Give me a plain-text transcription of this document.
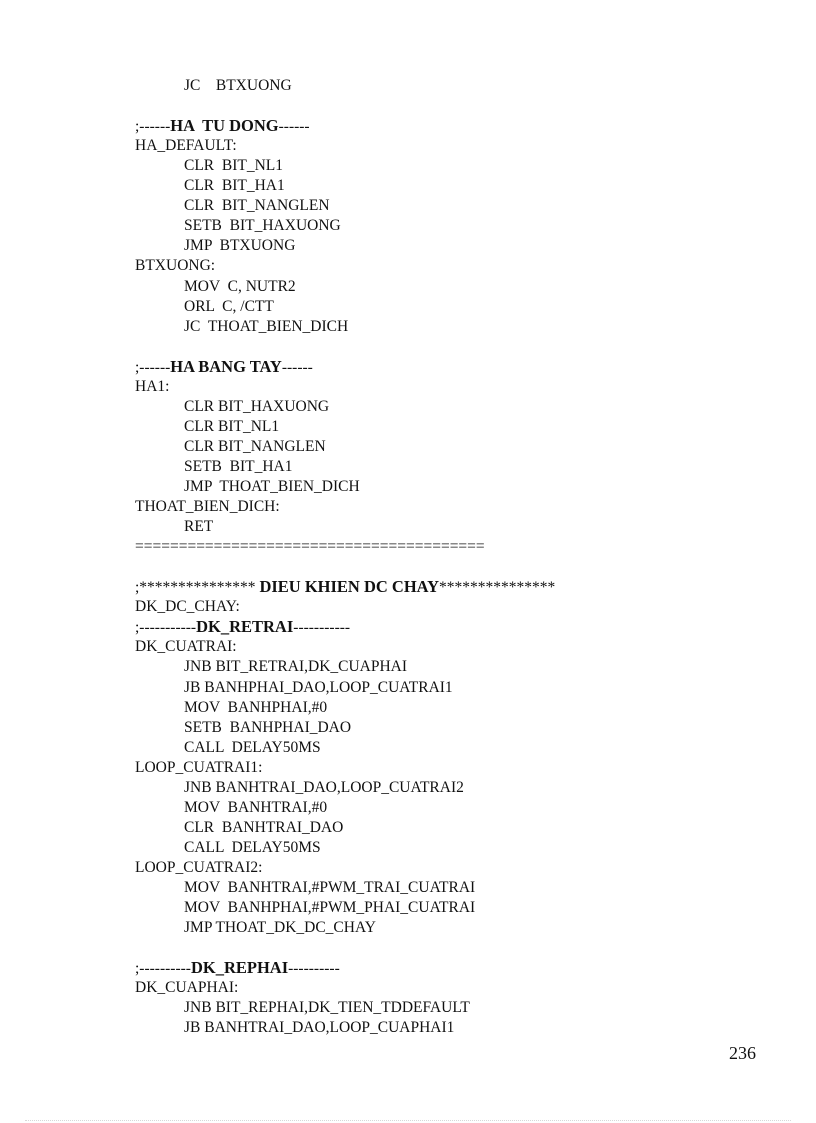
JC    BTXUONG
;------HA  TU DONG------
HA_DEFAULT:
CLR  BIT_NL1
CLR  BIT_HA1
CLR  BIT_NANGLEN
SETB  BIT_HAXUONG
JMP  BTXUONG
BTXUONG:
MOV  C, NUTR2
ORL  C, /CTT
JC  THOAT_BIEN_DICH
;------HA BANG TAY------
HA1:
CLR BIT_HAXUONG
CLR BIT_NL1
CLR BIT_NANGLEN
SETB  BIT_HA1
JMP  THOAT_BIEN_DICH
THOAT_BIEN_DICH:
RET
========================================
;*************** DIEU KHIEN DC CHAY***************
DK_DC_CHAY:
;-----------DK_RETRAI-----------
DK_CUATRAI:
JNB BIT_RETRAI,DK_CUAPHAI
JB BANHPHAI_DAO,LOOP_CUATRAI1
MOV  BANHPHAI,#0
SETB  BANHPHAI_DAO
CALL  DELAY50MS
LOOP_CUATRAI1:
JNB BANHTRAI_DAO,LOOP_CUATRAI2
MOV  BANHTRAI,#0
CLR  BANHTRAI_DAO
CALL  DELAY50MS
LOOP_CUATRAI2:
MOV  BANHTRAI,#PWM_TRAI_CUATRAI
MOV  BANHPHAI,#PWM_PHAI_CUATRAI
JMP THOAT_DK_DC_CHAY
;----------DK_REPHAI----------
DK_CUAPHAI:
JNB BIT_REPHAI,DK_TIEN_TDDEFAULT
JB BANHTRAI_DAO,LOOP_CUAPHAI1
236
